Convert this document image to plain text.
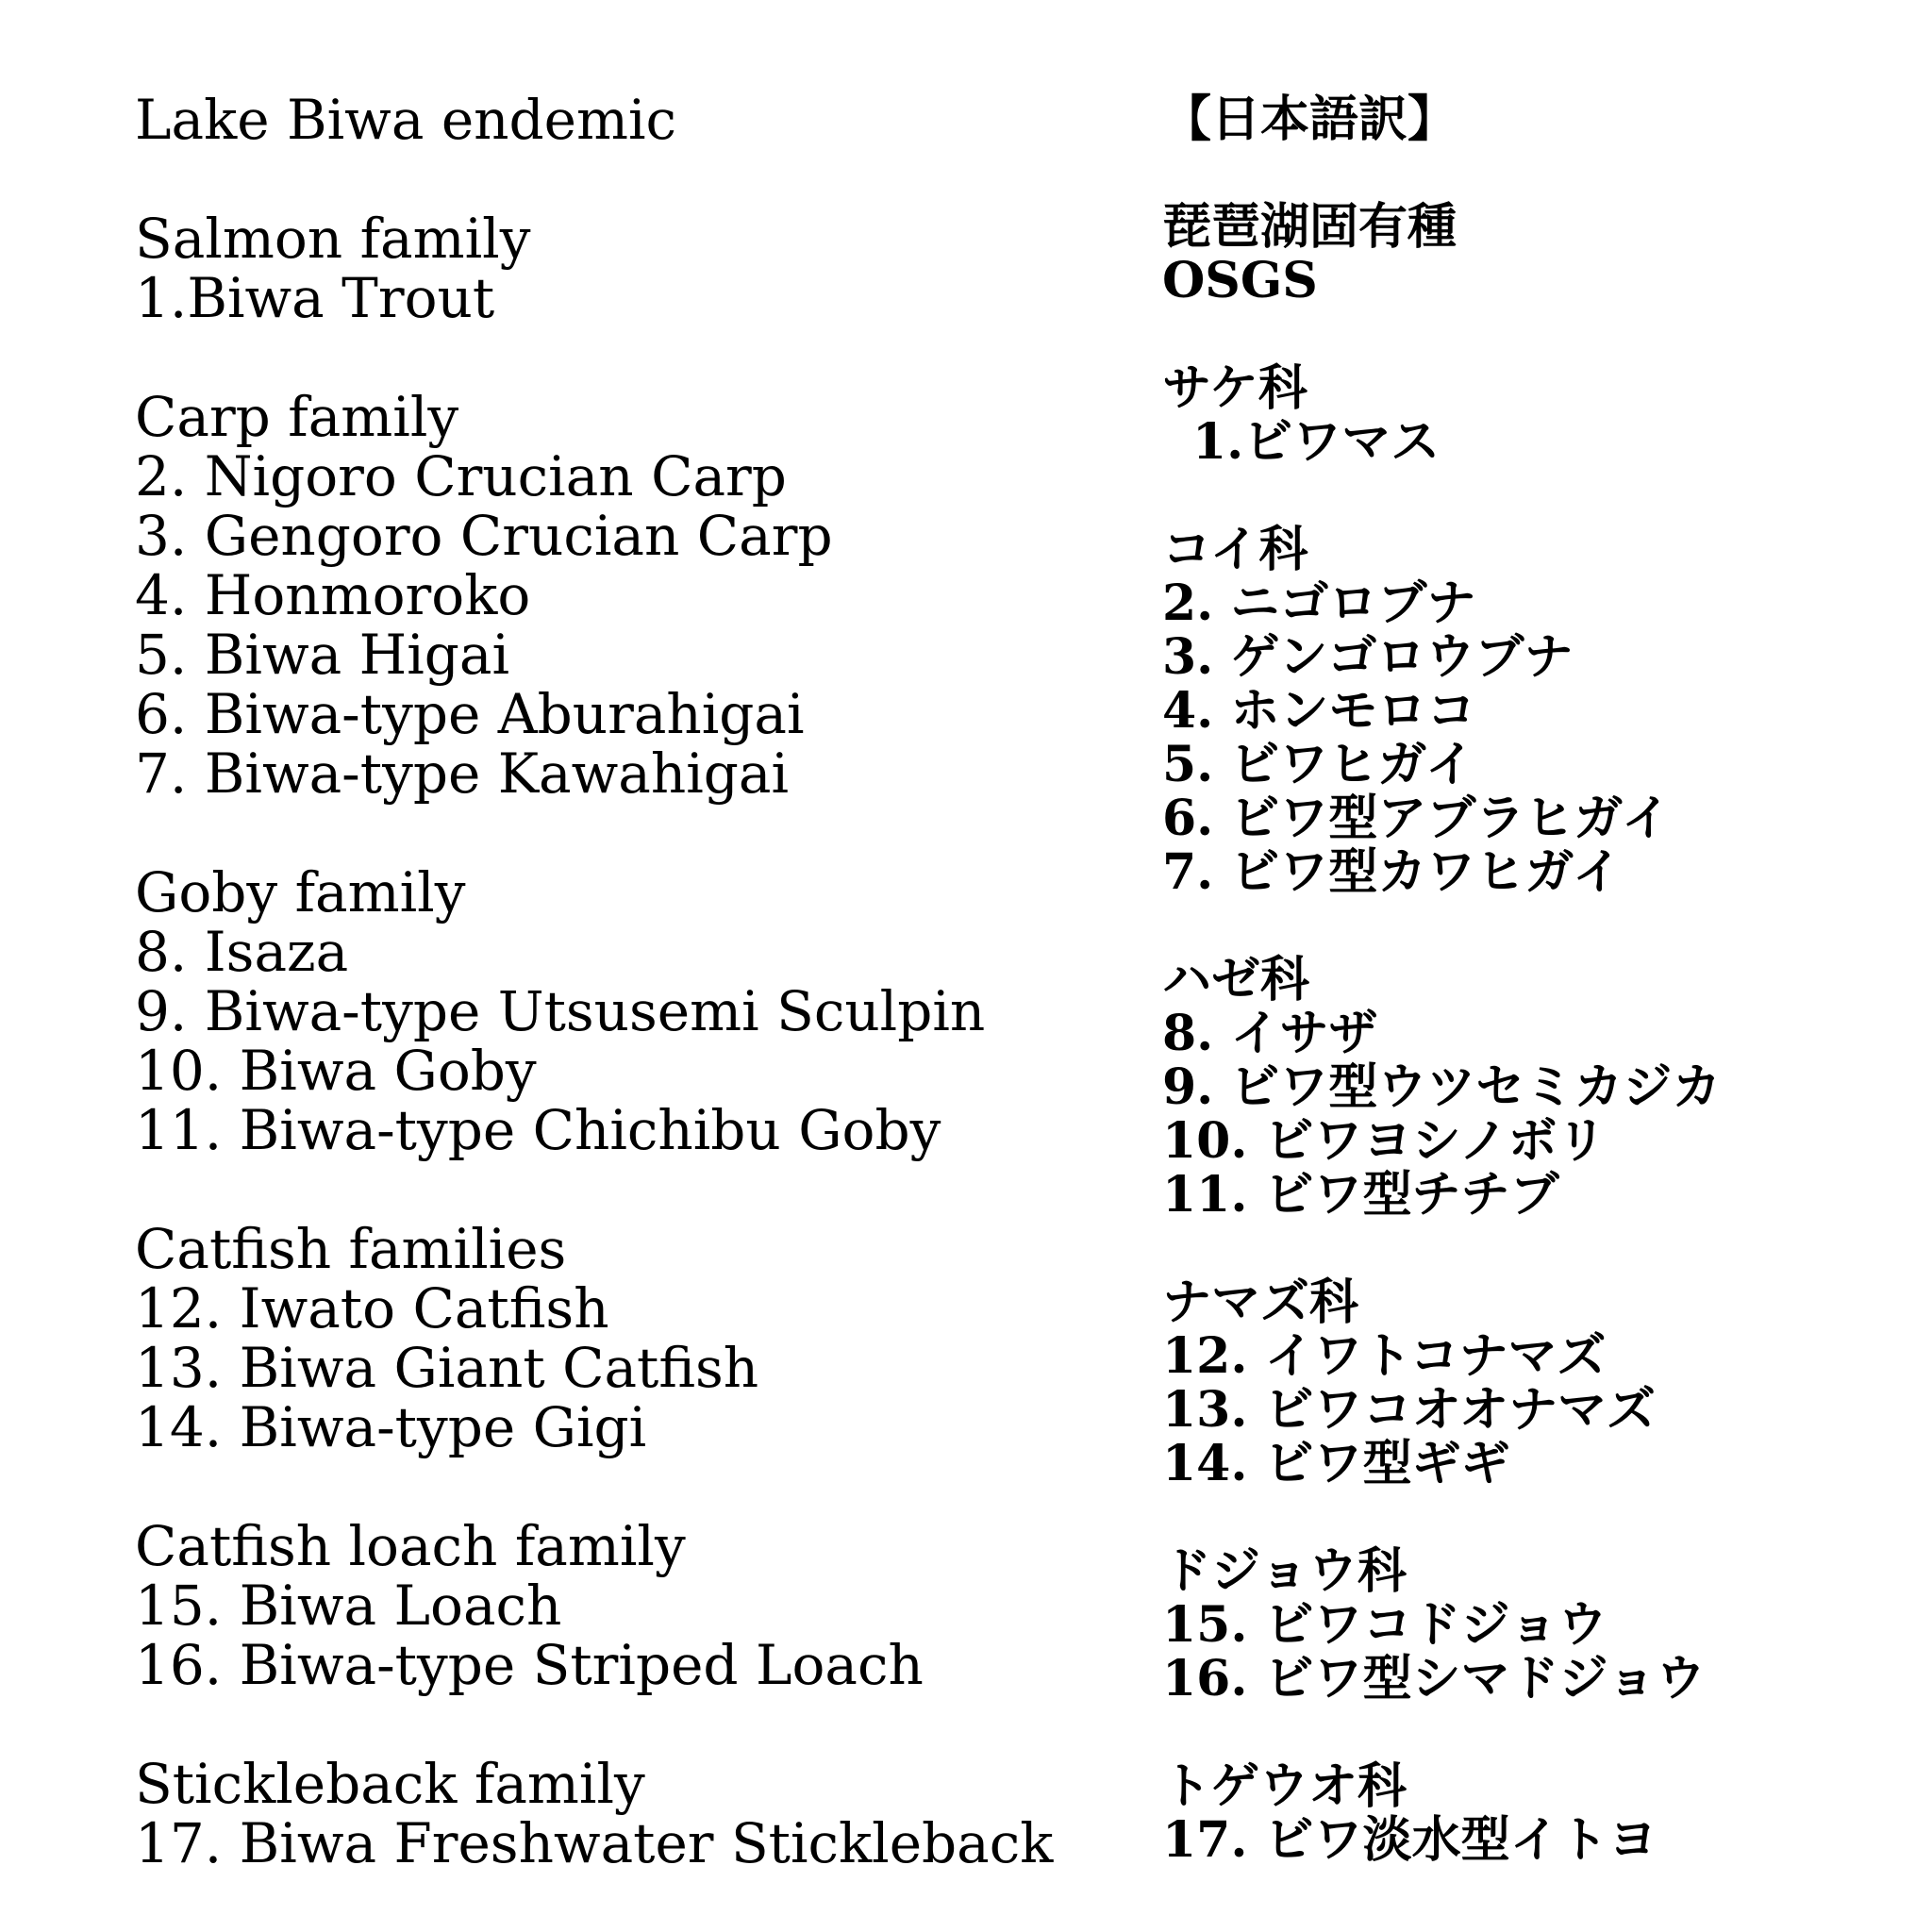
Lake Biwa endemic
Salmon family
1.Biwa Trout
Carp family
2. Nigoro Crucian Carp
3. Gengoro Crucian Carp
4. Honmoroko
5. Biwa Higai
6. Biwa-type Aburahigai
7. Biwa-type Kawahigai
Goby family
8. Isaza
9. Biwa-type Utsusemi Sculpin
10. Biwa Goby
11. Biwa-type Chichibu Goby
Catfish families
12. Iwato Catfish
13. Biwa Giant Catfish
14. Biwa-type Gigi
Catfish loach family
15. Biwa Loach
16. Biwa-type Striped Loach
Stickleback family
17. Biwa Freshwater Stickleback
【日本語訳】
琵琶湖固有種
OSGS
サケ科
1.ビワマス
コイ科
2. ニゴロブナ
3. ゲンゴロウブナ
4. ホンモロコ
5. ビワヒガイ
6. ビワ型アブラヒガイ
7. ビワ型カワヒガイ
ハゼ科
8. イサザ
9. ビワ型ウツセミカジカ
10. ビワヨシノボリ
11. ビワ型チチブ
ナマズ科
12. イワトコナマズ
13. ビワコオオナマズ
14. ビワ型ギギ
ドジョウ科
15. ビワコドジョウ
16. ビワ型シマドジョウ
トゲウオ科
17. ビワ淡水型イトヨ
